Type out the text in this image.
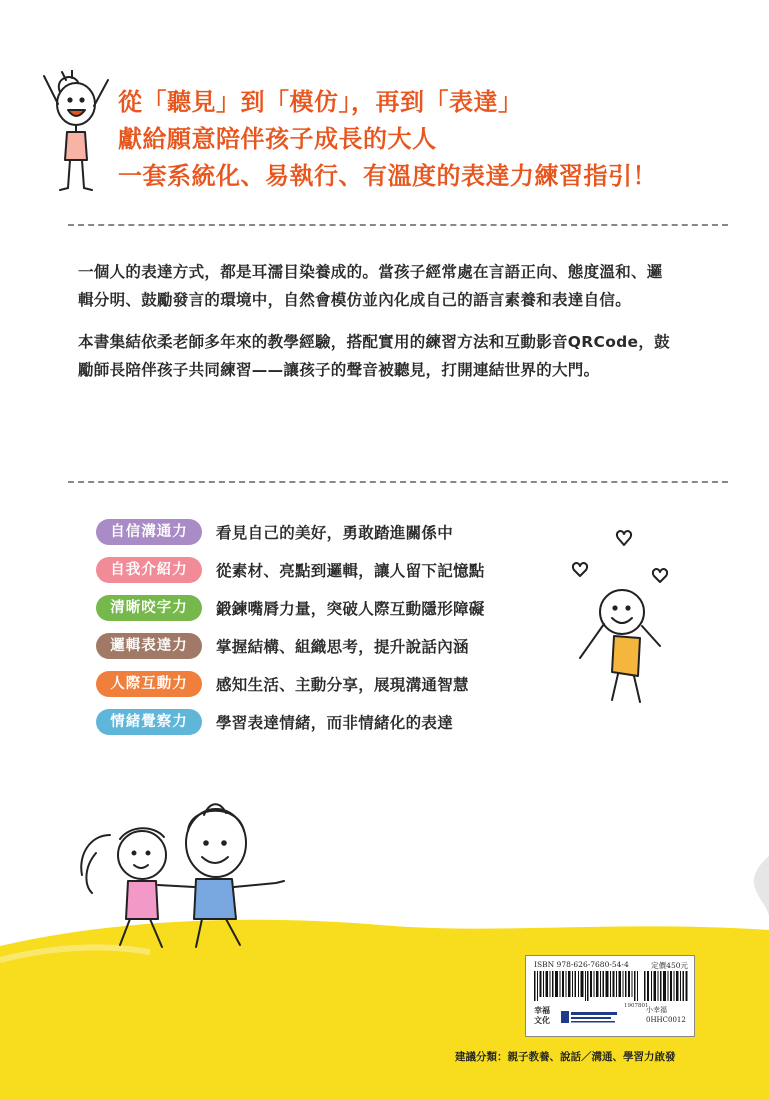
從「聽見」到「模仿」，再到「表達」
獻給願意陪伴孩子成長的大人
一套系統化、易執行、有溫度的表達力練習指引！

一個人的表達方式，都是耳濡目染養成的。當孩子經常處在言語正向、態度溫和、邏輯分明、鼓勵發言的環境中，自然會模仿並內化成自己的語言素養和表達自信。

本書集結依柔老師多年來的教學經驗，搭配實用的練習方法和互動影音QRCode，鼓勵師長陪伴孩子共同練習——讓孩子的聲音被聽見，打開連結世界的大門。

自信溝通力	看見自己的美好，勇敢踏進關係中
自我介紹力	從素材、亮點到邏輯，讓人留下記憶點
清晰咬字力	鍛鍊嘴脣力量，突破人際互動隱形障礙
邏輯表達力	掌握結構、組織思考，提升說話內涵
人際互動力	感知生活、主動分享，展現溝通智慧
情緒覺察力	學習表達情緒，而非情緒化的表達
ISBN 978-626-7680-54-4	定價450元
1907801
幸福
文化
小幸福
0HHC0012
建議分類：親子教養、說話／溝通、學習力啟發
